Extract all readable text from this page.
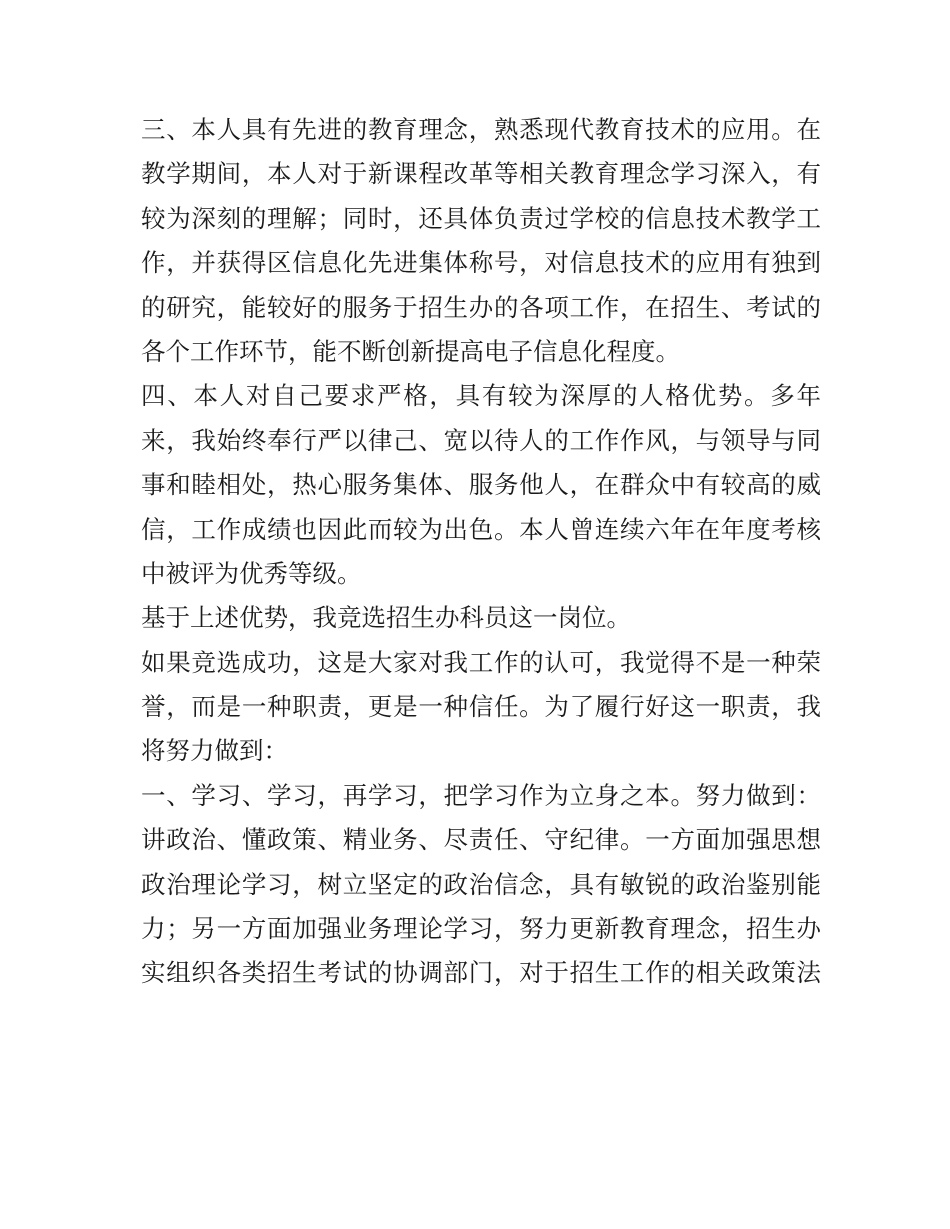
三、本人具有先进的教育理念，熟悉现代教育技术的应用。在
教学期间，本人对于新课程改革等相关教育理念学习深入，有
较为深刻的理解；同时，还具体负责过学校的信息技术教学工
作，并获得区信息化先进集体称号，对信息技术的应用有独到
的研究，能较好的服务于招生办的各项工作，在招生、考试的
各个工作环节，能不断创新提高电子信息化程度。
四、本人对自己要求严格，具有较为深厚的人格优势。多年
来，我始终奉行严以律己、宽以待人的工作作风，与领导与同
事和睦相处，热心服务集体、服务他人，在群众中有较高的威
信，工作成绩也因此而较为出色。本人曾连续六年在年度考核
中被评为优秀等级。
基于上述优势，我竞选招生办科员这一岗位。
如果竞选成功，这是大家对我工作的认可，我觉得不是一种荣
誉，而是一种职责，更是一种信任。为了履行好这一职责，我
将努力做到：
一、学习、学习，再学习，把学习作为立身之本。努力做到：
讲政治、懂政策、精业务、尽责任、守纪律。一方面加强思想
政治理论学习，树立坚定的政治信念，具有敏锐的政治鉴别能
力；另一方面加强业务理论学习，努力更新教育理念，招生办
实组织各类招生考试的协调部门，对于招生工作的相关政策法
